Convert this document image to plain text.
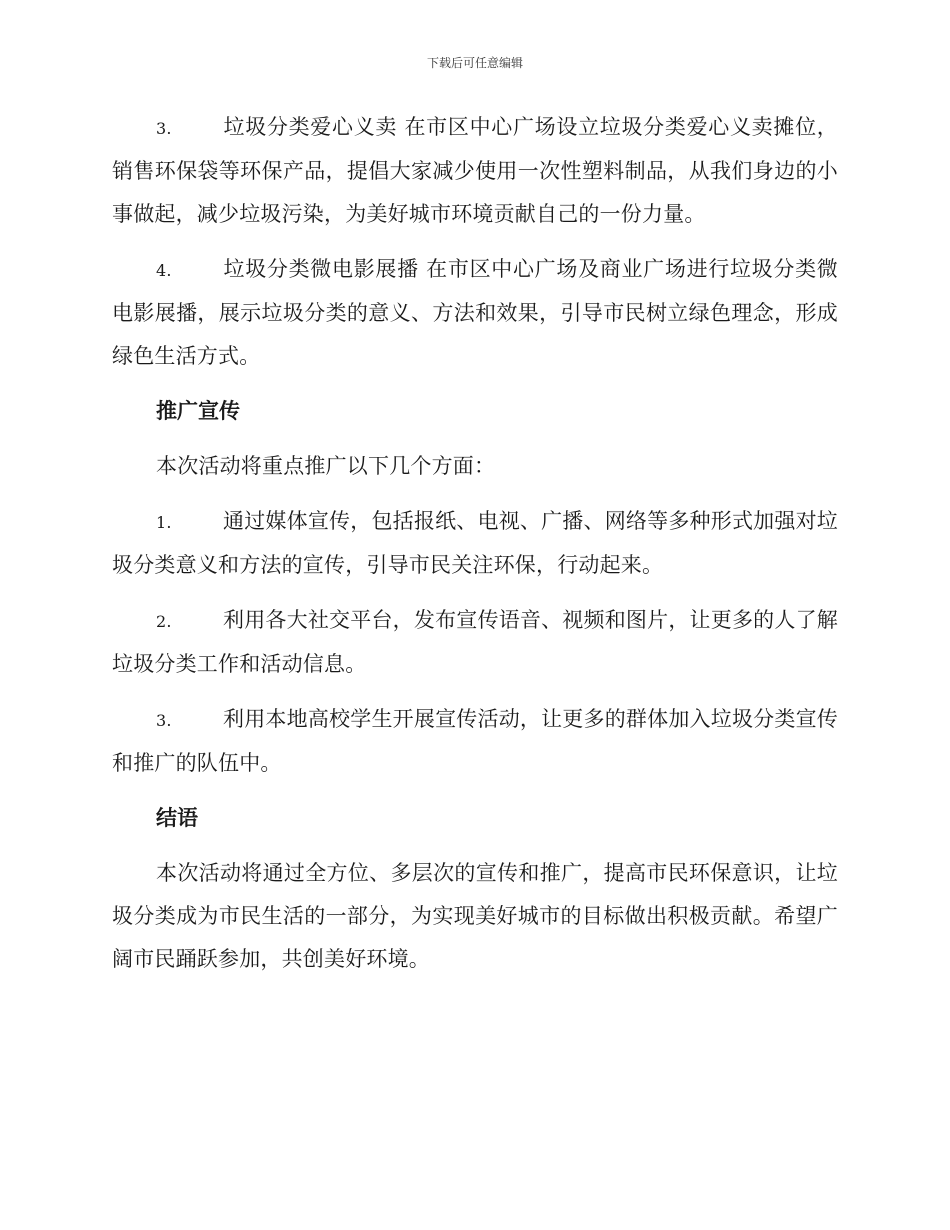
下载后可任意编辑

3. 垃圾分类爱心义卖 在市区中心广场设立垃圾分类爱心义卖摊位，销售环保袋等环保产品，提倡大家减少使用一次性塑料制品，从我们身边的小事做起，减少垃圾污染，为美好城市环境贡献自己的一份力量。

4. 垃圾分类微电影展播 在市区中心广场及商业广场进行垃圾分类微电影展播，展示垃圾分类的意义、方法和效果，引导市民树立绿色理念，形成绿色生活方式。

推广宣传

本次活动将重点推广以下几个方面：

1. 通过媒体宣传，包括报纸、电视、广播、网络等多种形式加强对垃圾分类意义和方法的宣传，引导市民关注环保，行动起来。

2. 利用各大社交平台，发布宣传语音、视频和图片，让更多的人了解垃圾分类工作和活动信息。

3. 利用本地高校学生开展宣传活动，让更多的群体加入垃圾分类宣传和推广的队伍中。

结语

本次活动将通过全方位、多层次的宣传和推广，提高市民环保意识，让垃圾分类成为市民生活的一部分，为实现美好城市的目标做出积极贡献。希望广阔市民踊跃参加，共创美好环境。
